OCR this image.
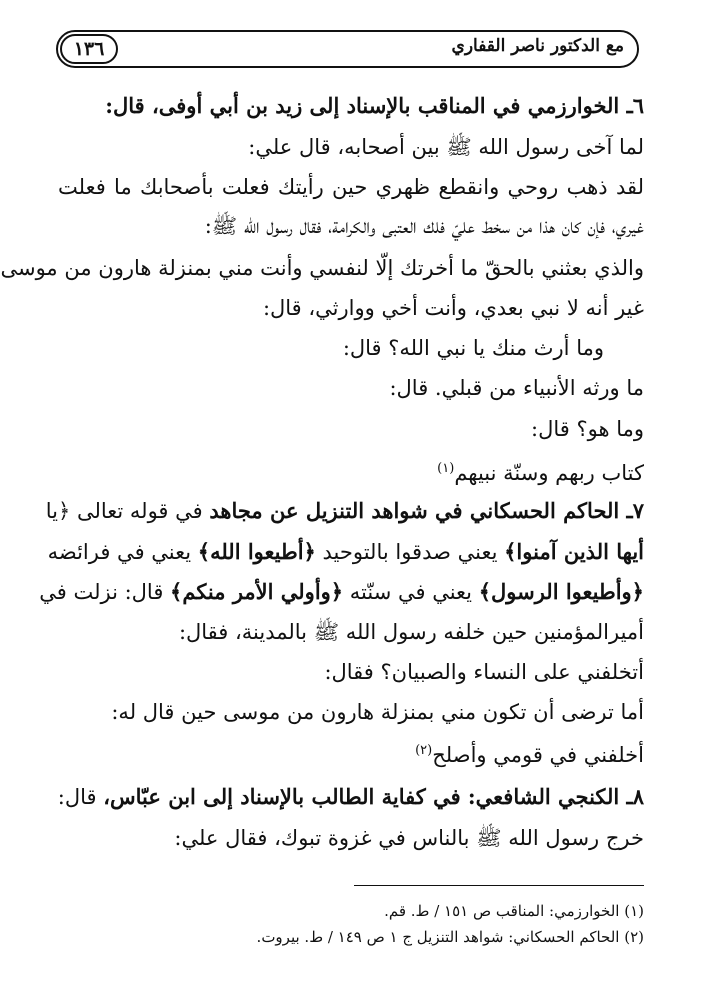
١٣٦	مع الدكتور ناصر القفاري
٦ـ الخوارزمي في المناقب بالإسناد إلى زيد بن أبي أوفى، قال:
لما آخى رسول الله ﷺ بين أصحابه، قال علي:
لقد ذهب روحي وانقطع ظهري حين رأيتك فعلت بأصحابك ما فعلت
غيري، فإن كان هذا من سخط عليّ فلك العتبى والكرامة، فقال رسول الله ﷺ:
والذي بعثني بالحقّ ما أخرتك إلّا لنفسي وأنت مني بمنزلة هارون من موسى
غير أنه لا نبي بعدي، وأنت أخي ووارثي، قال:
وما أرث منك يا نبي الله؟ قال:
ما ورثه الأنبياء من قبلي. قال:
وما هو؟ قال:
كتاب ربهم وسنّة نبيهم$^{(١)}$
٧ـ الحاكم الحسكاني في شواهد التنزيل عن مجاهد في قوله تعالى ﴿يا
أيها الذين آمنوا﴾ يعني صدقوا بالتوحيد ﴿أطيعوا الله﴾ يعني في فرائضه
﴿وأطيعوا الرسول﴾ يعني في سنّته ﴿وأولي الأمر منكم﴾ قال: نزلت في
أميرالمؤمنين حين خلفه رسول الله ﷺ بالمدينة، فقال:
أتخلفني على النساء والصبيان؟ فقال:
أما ترضى أن تكون مني بمنزلة هارون من موسى حين قال له:
أخلفني في قومي وأصلح$^{(٢)}$
٨ـ الكنجي الشافعي: في كفاية الطالب بالإسناد إلى ابن عبّاس، قال:
خرج رسول الله ﷺ بالناس في غزوة تبوك، فقال علي:
(١) الخوارزمي: المناقب ص ١٥١ / ط. قم.
(٢) الحاكم الحسكاني: شواهد التنزيل ج ١ ص ١٤٩ / ط. بيروت.
